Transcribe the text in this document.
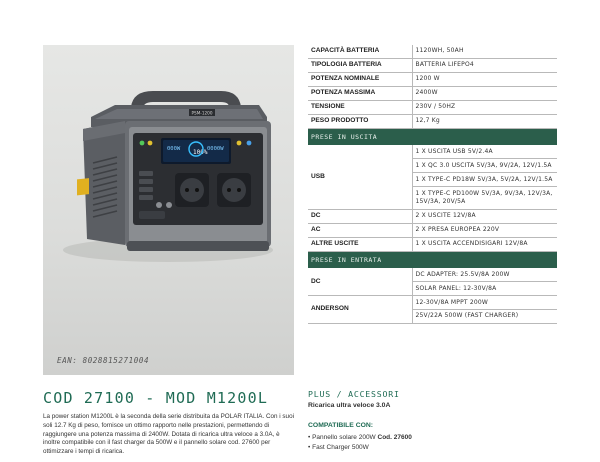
PSM-1200
000W 100% 0000W
EAN: 8028815271004
COD 27100 - MOD M1200L
La power station M1200L è la seconda della serie distribuita da POLAR ITALIA. Con i suoi soli 12.7 Kg di peso, fornisce un ottimo rapporto nelle prestazioni, permettendo di raggiungere una potenza massima di 2400W. Dotata di ricarica ultra veloce a 3.0A, è inoltre compatibile con il fast charger da 500W e il pannello solare cod. 27600 per ottimizzare i tempi di ricarica.
CAPACITÀ BATTERIA	1120WH, 50AH
TIPOLOGIA BATTERIA	BATTERIA LIFEPO4
POTENZA NOMINALE	1200 W
POTENZA MASSIMA	2400W
TENSIONE	230V / 50HZ
PESO PRODOTTO	12,7 Kg
PRESE IN USCITA	
USB	1 X USCITA USB 5V/2.4A
	1 X QC 3.0 USCITA 5V/3A, 9V/2A, 12V/1.5A
	1 X TYPE-C PD18W 5V/3A, 5V/2A, 12V/1.5A
	1 X TYPE-C PD100W 5V/3A, 9V/3A, 12V/3A, 15V/3A, 20V/5A
DC	2 X USCITE 12V/8A
AC	2 X PRESA EUROPEA 220V
ALTRE USCITE	1 X USCITA ACCENDISIGARI 12V/8A
PRESE IN ENTRATA	
DC	DC ADAPTER: 25.5V/8A 200W
	SOLAR PANEL: 12-30V/8A
ANDERSON	12-30V/8A MPPT 200W
	25V/22A 500W (FAST CHARGER)
PLUS / ACCESSORI
Ricarica ultra veloce 3.0A
COMPATIBILE CON:
• Pannello solare 200W Cod. 27600
• Fast Charger 500W
